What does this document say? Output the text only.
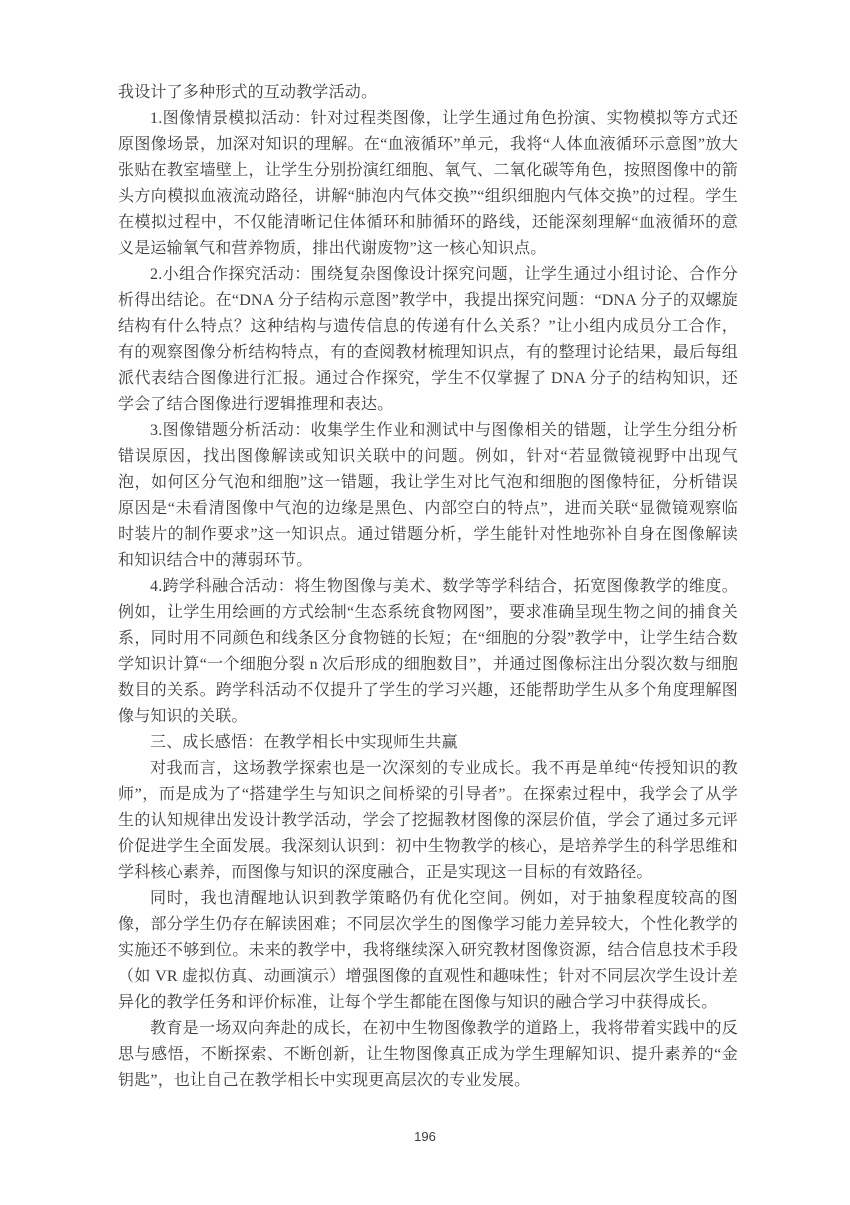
我设计了多种形式的互动教学活动。

1.图像情景模拟活动：针对过程类图像，让学生通过角色扮演、实物模拟等方式还原图像场景，加深对知识的理解。在“血液循环”单元，我将“人体血液循环示意图”放大张贴在教室墙壁上，让学生分别扮演红细胞、氧气、二氧化碳等角色，按照图像中的箭头方向模拟血液流动路径，讲解“肺泡内气体交换”“组织细胞内气体交换”的过程。学生在模拟过程中，不仅能清晰记住体循环和肺循环的路线，还能深刻理解“血液循环的意义是运输氧气和营养物质，排出代谢废物”这一核心知识点。

2.小组合作探究活动：围绕复杂图像设计探究问题，让学生通过小组讨论、合作分析得出结论。在“DNA 分子结构示意图”教学中，我提出探究问题：“DNA 分子的双螺旋结构有什么特点？这种结构与遗传信息的传递有什么关系？”让小组内成员分工合作，有的观察图像分析结构特点，有的查阅教材梳理知识点，有的整理讨论结果，最后每组派代表结合图像进行汇报。通过合作探究，学生不仅掌握了 DNA 分子的结构知识，还学会了结合图像进行逻辑推理和表达。

3.图像错题分析活动：收集学生作业和测试中与图像相关的错题，让学生分组分析错误原因，找出图像解读或知识关联中的问题。例如，针对“若显微镜视野中出现气泡，如何区分气泡和细胞”这一错题，我让学生对比气泡和细胞的图像特征，分析错误原因是“未看清图像中气泡的边缘是黑色、内部空白的特点”，进而关联“显微镜观察临时装片的制作要求”这一知识点。通过错题分析，学生能针对性地弥补自身在图像解读和知识结合中的薄弱环节。

4.跨学科融合活动：将生物图像与美术、数学等学科结合，拓宽图像教学的维度。例如，让学生用绘画的方式绘制“生态系统食物网图”，要求准确呈现生物之间的捕食关系，同时用不同颜色和线条区分食物链的长短；在“细胞的分裂”教学中，让学生结合数学知识计算“一个细胞分裂 n 次后形成的细胞数目”，并通过图像标注出分裂次数与细胞数目的关系。跨学科活动不仅提升了学生的学习兴趣，还能帮助学生从多个角度理解图像与知识的关联。

三、成长感悟：在教学相长中实现师生共赢

对我而言，这场教学探索也是一次深刻的专业成长。我不再是单纯“传授知识的教师”，而是成为了“搭建学生与知识之间桥梁的引导者”。在探索过程中，我学会了从学生的认知规律出发设计教学活动，学会了挖掘教材图像的深层价值，学会了通过多元评价促进学生全面发展。我深刻认识到：初中生物教学的核心，是培养学生的科学思维和学科核心素养，而图像与知识的深度融合，正是实现这一目标的有效路径。

同时，我也清醒地认识到教学策略仍有优化空间。例如，对于抽象程度较高的图像，部分学生仍存在解读困难；不同层次学生的图像学习能力差异较大，个性化教学的实施还不够到位。未来的教学中，我将继续深入研究教材图像资源，结合信息技术手段（如 VR 虚拟仿真、动画演示）增强图像的直观性和趣味性；针对不同层次学生设计差异化的教学任务和评价标准，让每个学生都能在图像与知识的融合学习中获得成长。

教育是一场双向奔赴的成长，在初中生物图像教学的道路上，我将带着实践中的反思与感悟，不断探索、不断创新，让生物图像真正成为学生理解知识、提升素养的“金钥匙”，也让自己在教学相长中实现更高层次的专业发展。

196
